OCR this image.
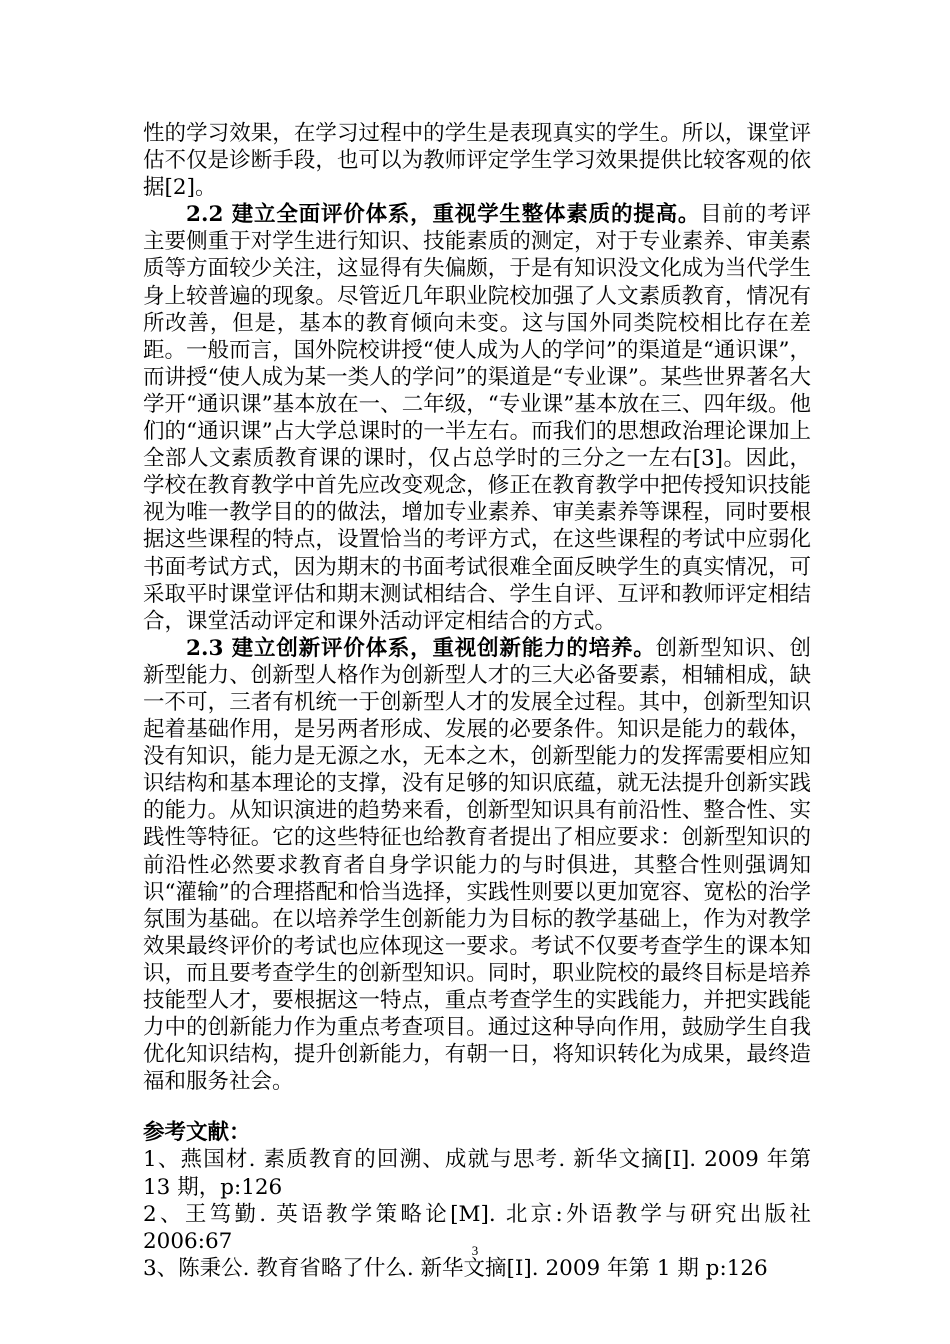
性的学习效果，在学习过程中的学生是表现真实的学生。所以，课堂评估不仅是诊断手段，也可以为教师评定学生学习效果提供比较客观的依据[2]。

2.2 建立全面评价体系，重视学生整体素质的提高。目前的考评主要侧重于对学生进行知识、技能素质的测定，对于专业素养、审美素质等方面较少关注，这显得有失偏颇，于是有知识没文化成为当代学生身上较普遍的现象。尽管近几年职业院校加强了人文素质教育，情况有所改善，但是，基本的教育倾向未变。这与国外同类院校相比存在差距。一般而言，国外院校讲授“使人成为人的学问”的渠道是“通识课”，而讲授“使人成为某一类人的学问”的渠道是“专业课”。某些世界著名大学开“通识课”基本放在一、二年级，“专业课”基本放在三、四年级。他们的“通识课”占大学总课时的一半左右。而我们的思想政治理论课加上全部人文素质教育课的课时，仅占总学时的三分之一左右[3]。因此，学校在教育教学中首先应改变观念，修正在教育教学中把传授知识技能视为唯一教学目的的做法，增加专业素养、审美素养等课程，同时要根据这些课程的特点，设置恰当的考评方式，在这些课程的考试中应弱化书面考试方式，因为期末的书面考试很难全面反映学生的真实情况，可采取平时课堂评估和期末测试相结合、学生自评、互评和教师评定相结合，课堂活动评定和课外活动评定相结合的方式。

2.3 建立创新评价体系，重视创新能力的培养。创新型知识、创新型能力、创新型人格作为创新型人才的三大必备要素，相辅相成，缺一不可，三者有机统一于创新型人才的发展全过程。其中，创新型知识起着基础作用，是另两者形成、发展的必要条件。知识是能力的载体，没有知识，能力是无源之水，无本之木，创新型能力的发挥需要相应知识结构和基本理论的支撑，没有足够的知识底蕴，就无法提升创新实践的能力。从知识演进的趋势来看，创新型知识具有前沿性、整合性、实践性等特征。它的这些特征也给教育者提出了相应要求：创新型知识的前沿性必然要求教育者自身学识能力的与时俱进，其整合性则强调知识“灌输”的合理搭配和恰当选择，实践性则要以更加宽容、宽松的治学氛围为基础。在以培养学生创新能力为目标的教学基础上，作为对教学效果最终评价的考试也应体现这一要求。考试不仅要考查学生的课本知识，而且要考查学生的创新型知识。同时，职业院校的最终目标是培养技能型人才，要根据这一特点，重点考查学生的实践能力，并把实践能力中的创新能力作为重点考查项目。通过这种导向作用，鼓励学生自我优化知识结构，提升创新能力，有朝一日，将知识转化为成果，最终造福和服务社会。

参考文献：

1、燕国材. 素质教育的回溯、成就与思考. 新华文摘[I]. 2009 年第 13 期，p:126

2、王笃勤. 英语教学策略论[M]. 北京:外语教学与研究出版社 2006:67

3、陈秉公. 教育省略了什么. 新华文摘[I]. 2009 年第 1 期 p:126

3
